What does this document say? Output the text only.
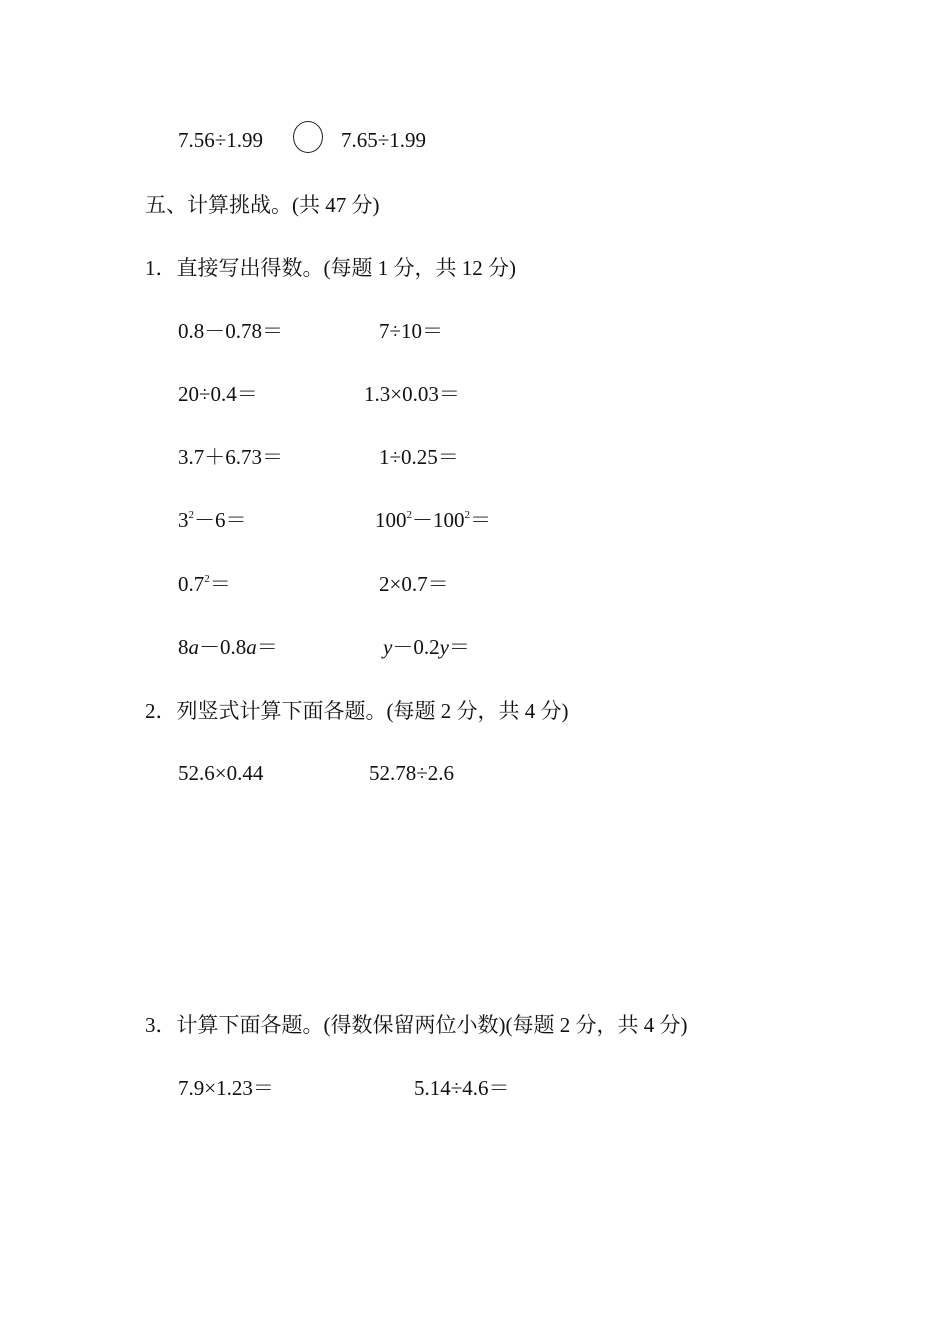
7.56÷1.99	7.65÷1.99
五、计算挑战。(共 47 分)
1．直接写出得数。(每题 1 分，共 12 分)
0.8－0.78＝	7÷10＝
20÷0.4＝	1.3×0.03＝
3.7＋6.73＝	1÷0.25＝
$3^2-6=$	$100^2-100^2=$
$0.7^2=$	2×0.7＝
8a－0.8a＝	y－0.2y＝
2．列竖式计算下面各题。(每题 2 分，共 4 分)
52.6×0.44	52.78÷2.6
3．计算下面各题。(得数保留两位小数)(每题 2 分，共 4 分)
7.9×1.23＝	5.14÷4.6＝
